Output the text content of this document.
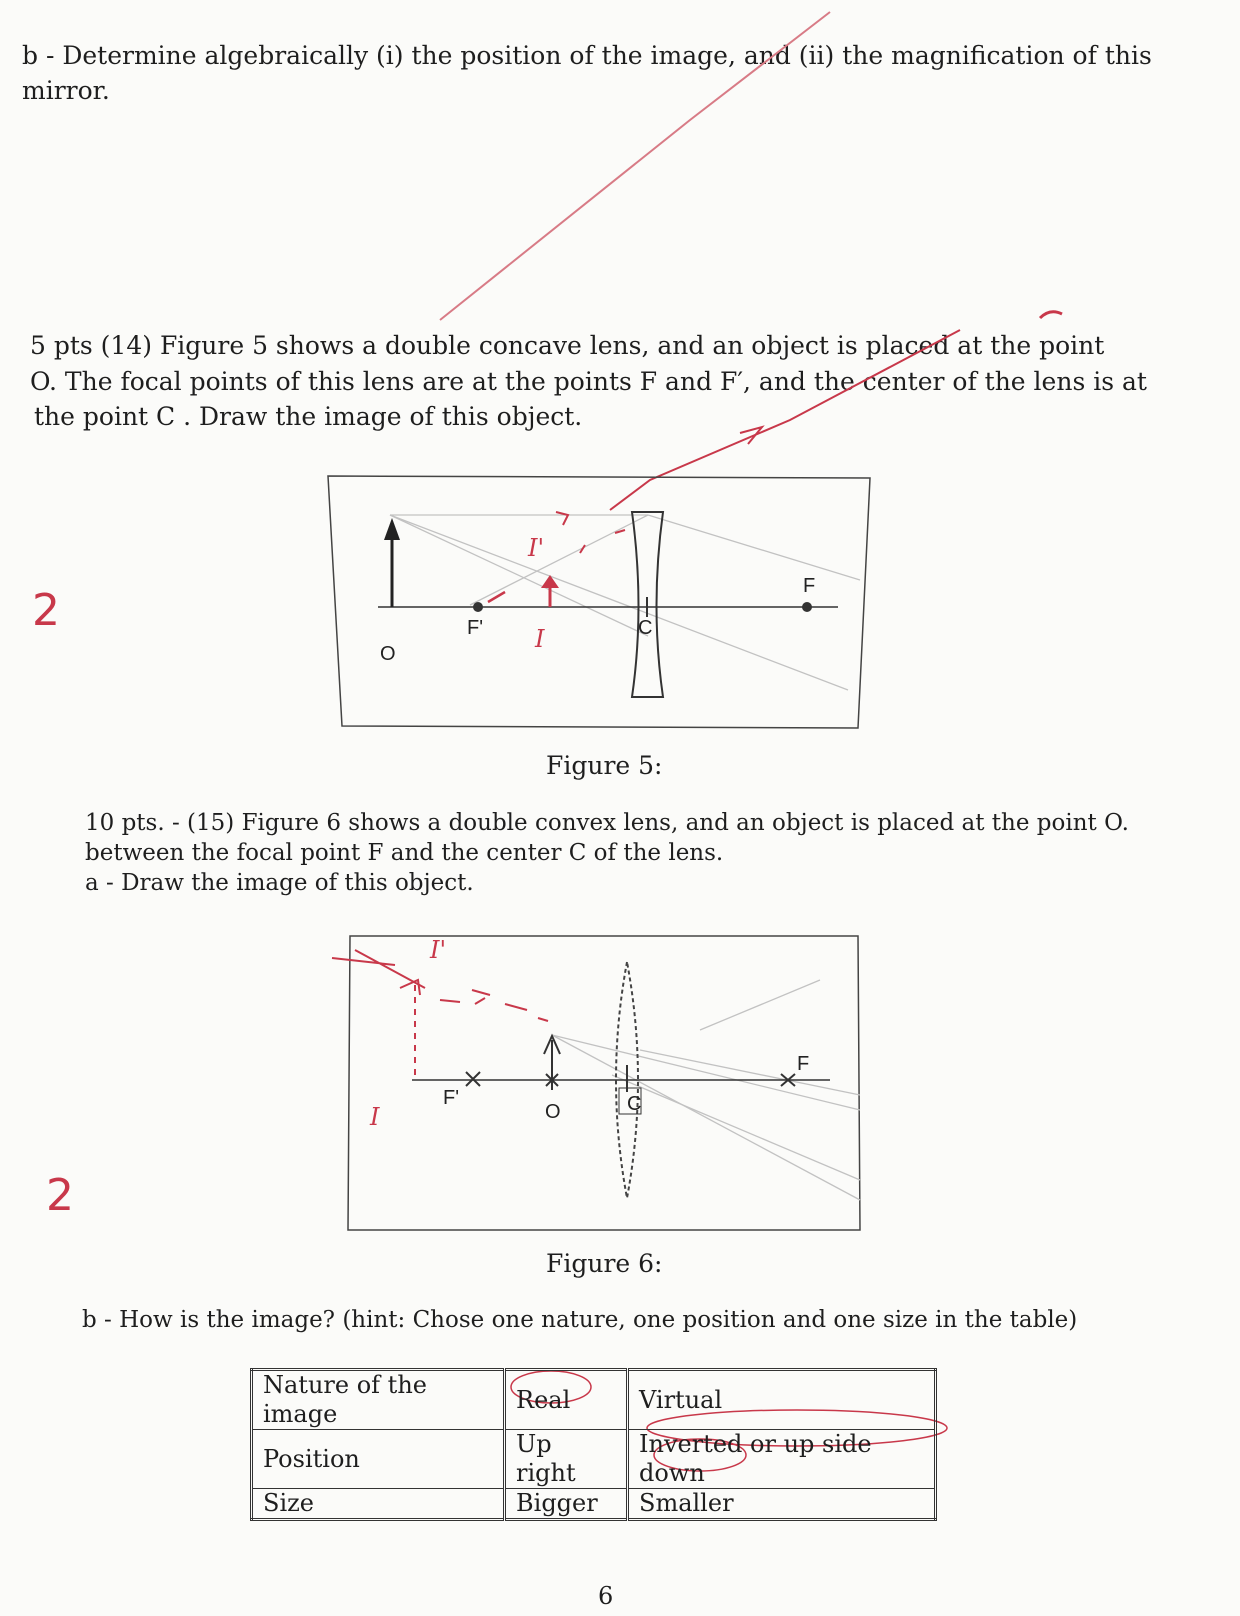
b - Determine algebraically (i) the position of the image, and (ii) the magnification of this
mirror.
5 pts (14) Figure 5 shows a double concave lens, and an object is placed at the point
O. The focal points of this lens are at the points F and F′, and the center of the lens is at
the point C . Draw the image of this object.
2
O
F'	C
F
I'
I
F'
O	C
F
I'
I
Figure 5:
10 pts. - (15) Figure 6 shows a double convex lens, and an object is placed at the point O.
between the focal point F and the center C of the lens.
a - Draw the image of this object.
2
Figure 6:
b - How is the image? (hint: Chose one nature, one position and one size in the table)
Nature of the image	Real	Virtual
Position	Up right	Inverted or up side down
Size	Bigger	Smaller
6
